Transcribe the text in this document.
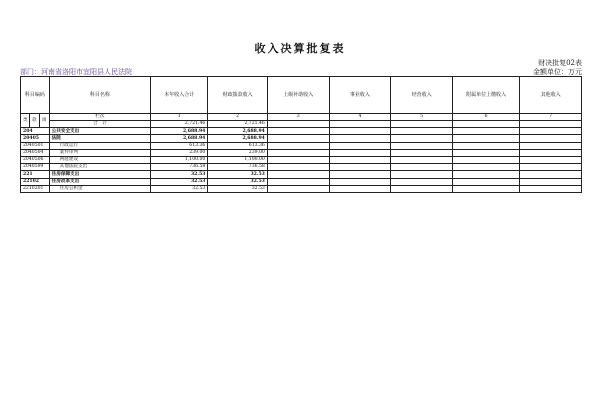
收入决算批复表
财决批复02表
部门：河南省洛阳市宜阳县人民法院	金额单位：万元
科目编码			科目名称	本年收入合计	财政拨款收入	上级补助收入	事业收入	经营收入	附属单位上缴收入	其他收入
类	款	项	栏次	1	2	3	4	5	6	7
			合　计	2,721.46	2,721.46					
204			公共安全支出	2,688.94	2,688.94					
20405			法院	2,688.94	2,688.94					
2040501			行政运行	613.36	613.36					
2040504			案件审判	239.00	239.00					
2040506			两庭建设	1,100.00	1,100.00					
2040599			其他法院支出	736.58	736.58					
221			住房保障支出	32.53	32.53					
22102			住房改革支出	32.53	32.53					
2210201			住房公积金	32.53	32.53					
